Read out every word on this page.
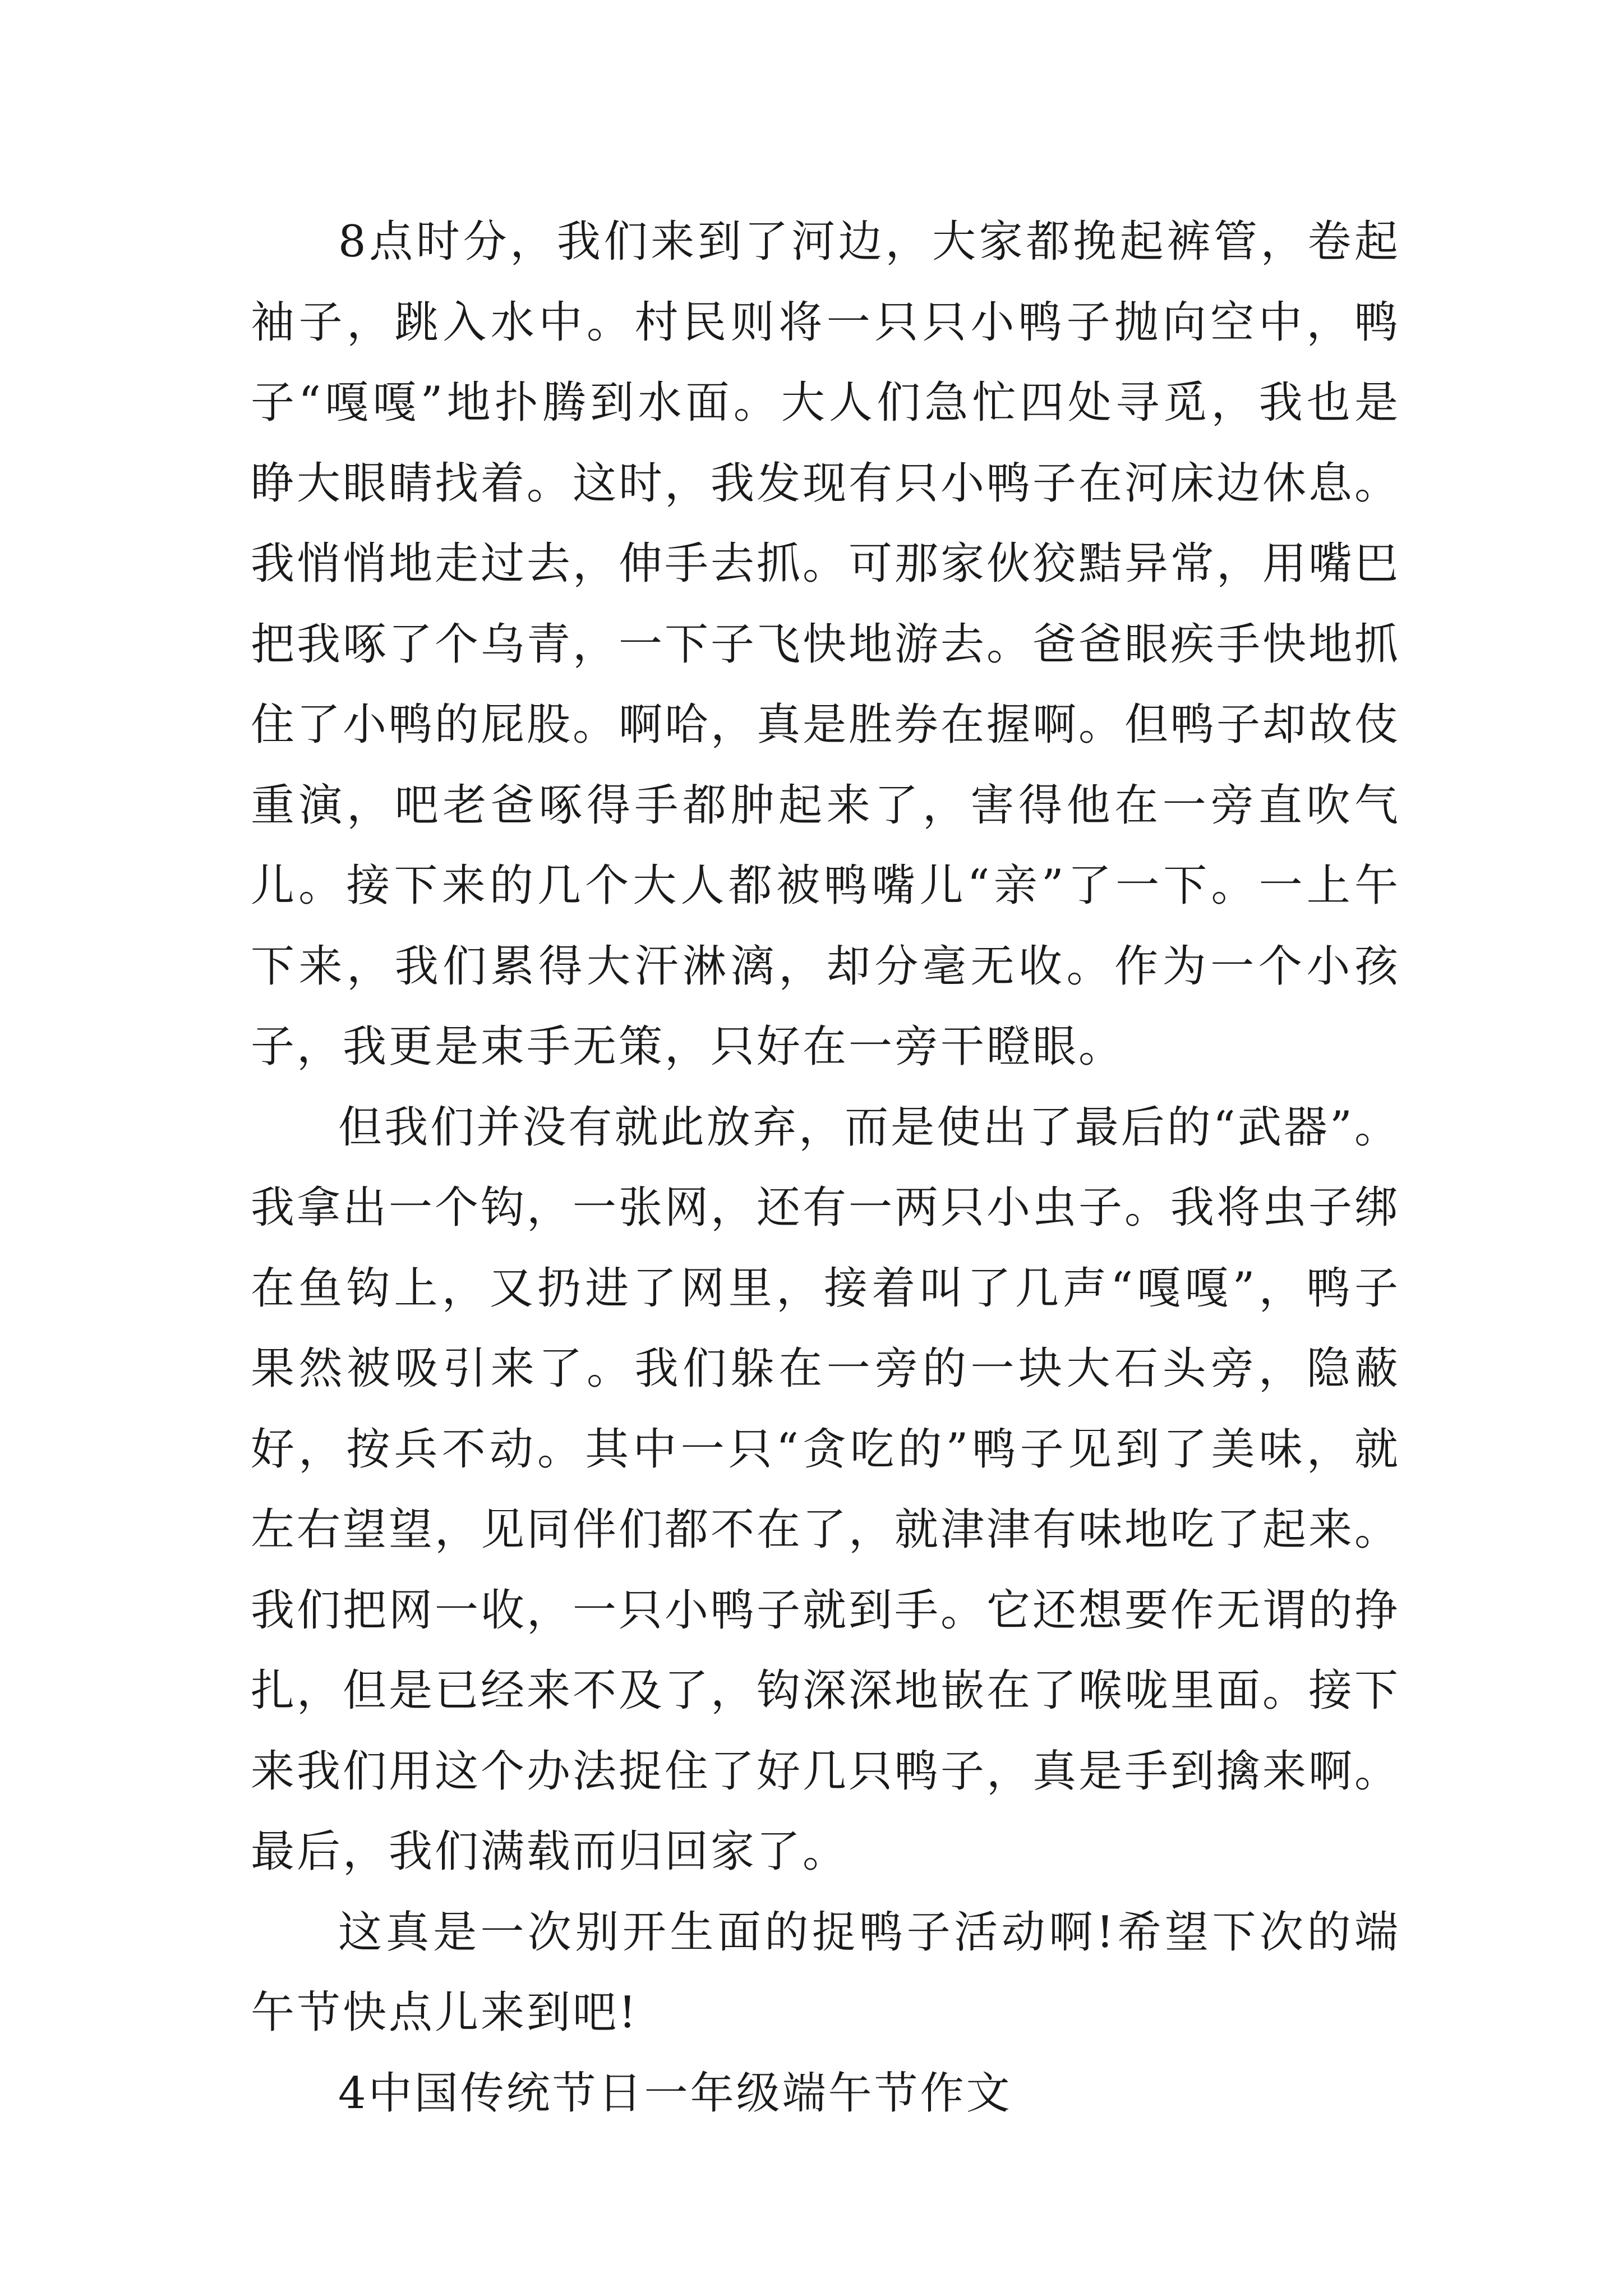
8点时分，我们来到了河边，大家都挽起裤管，卷起袖子，跳入水中。村民则将一只只小鸭子抛向空中，鸭子“嘎嘎”地扑腾到水面。大人们急忙四处寻觅，我也是睁大眼睛找着。这时，我发现有只小鸭子在河床边休息。我悄悄地走过去，伸手去抓。可那家伙狡黠异常，用嘴巴把我啄了个乌青，一下子飞快地游去。爸爸眼疾手快地抓住了小鸭的屁股。啊哈，真是胜券在握啊。但鸭子却故伎重演，吧老爸啄得手都肿起来了，害得他在一旁直吹气儿。接下来的几个大人都被鸭嘴儿“亲”了一下。一上午下来，我们累得大汗淋漓，却分毫无收。作为一个小孩子，我更是束手无策，只好在一旁干瞪眼。

但我们并没有就此放弃，而是使出了最后的“武器”。我拿出一个钩，一张网，还有一两只小虫子。我将虫子绑在鱼钩上，又扔进了网里，接着叫了几声“嘎嘎”，鸭子果然被吸引来了。我们躲在一旁的一块大石头旁，隐蔽好，按兵不动。其中一只“贪吃的”鸭子见到了美味，就左右望望，见同伴们都不在了，就津津有味地吃了起来。我们把网一收，一只小鸭子就到手。它还想要作无谓的挣扎，但是已经来不及了，钩深深地嵌在了喉咙里面。接下来我们用这个办法捉住了好几只鸭子，真是手到擒来啊。最后，我们满载而归回家了。

这真是一次别开生面的捉鸭子活动啊!希望下次的端午节快点儿来到吧!

4中国传统节日一年级端午节作文
